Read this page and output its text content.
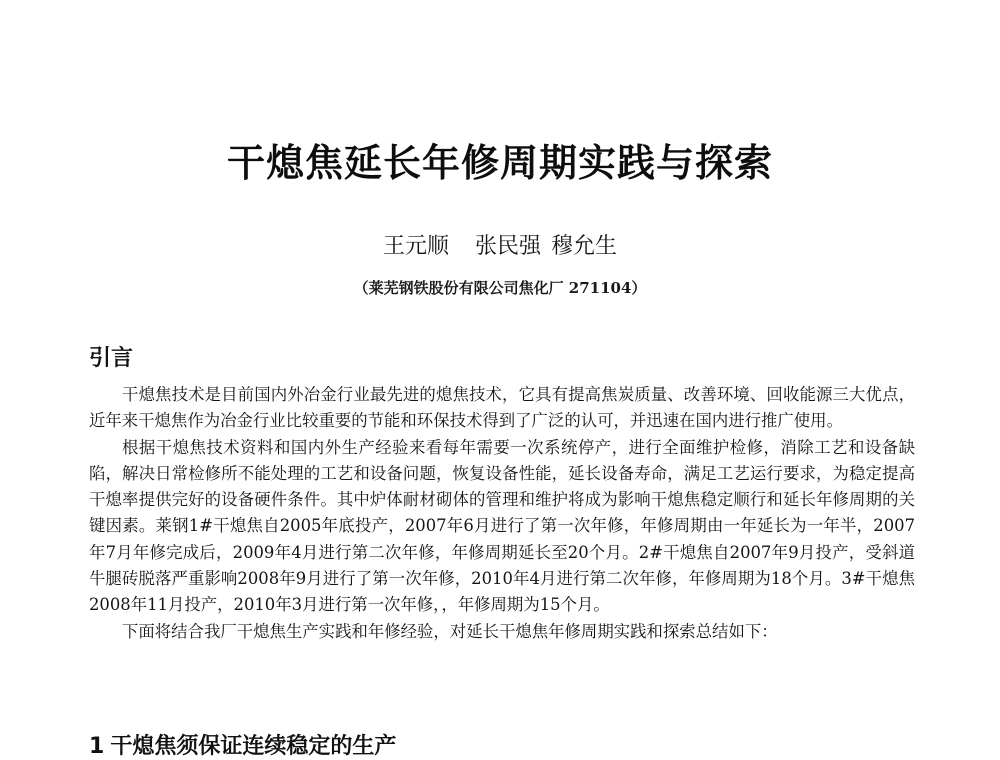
干熄焦延长年修周期实践与探索
王元顺 张民强 穆允生
（莱芜钢铁股份有限公司焦化厂 271104）
引言

干熄焦技术是目前国内外冶金行业最先进的熄焦技术，它具有提高焦炭质量、改善环境、回收能源三大优点，近年来干熄焦作为冶金行业比较重要的节能和环保技术得到了广泛的认可，并迅速在国内进行推广使用。

根据干熄焦技术资料和国内外生产经验来看每年需要一次系统停产，进行全面维护检修，消除工艺和设备缺陷，解决日常检修所不能处理的工艺和设备问题，恢复设备性能，延长设备寿命，满足工艺运行要求，为稳定提高干熄率提供完好的设备硬件条件。其中炉体耐材砌体的管理和维护将成为影响干熄焦稳定顺行和延长年修周期的关键因素。莱钢1#干熄焦自2005年底投产，2007年6月进行了第一次年修，年修周期由一年延长为一年半，2007年7月年修完成后，2009年4月进行第二次年修，年修周期延长至20个月。2#干熄焦自2007年9月投产，受斜道牛腿砖脱落严重影响2008年9月进行了第一次年修，2010年4月进行第二次年修，年修周期为18个月。3#干熄焦2008年11月投产，2010年3月进行第一次年修，，年修周期为15个月。

下面将结合我厂干熄焦生产实践和年修经验，对延长干熄焦年修周期实践和探索总结如下：

1 干熄焦须保证连续稳定的生产
